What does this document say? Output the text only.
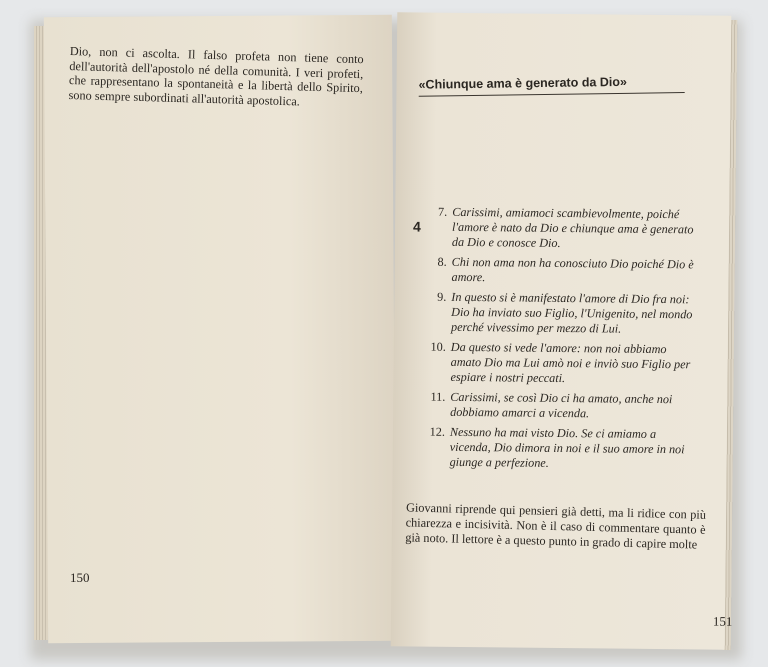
Dio, non ci ascolta. Il falso profeta non tiene conto dell'autorità dell'apostolo né della comunità. I veri profeti, che rappresentano la spontaneità e la libertà dello Spirito, sono sempre subordinati all'autorità apostolica.
150
«Chiunque ama è generato da Dio»
4
7. Carissimi, amiamoci scambievolmente, poiché l'amore è nato da Dio e chiunque ama è generato da Dio e conosce Dio.
8. Chi non ama non ha conosciuto Dio poiché Dio è amore.
9. In questo si è manifestato l'amore di Dio fra noi: Dio ha inviato suo Figlio, l'Unigenito, nel mondo perché vivessimo per mezzo di Lui.
10. Da questo si vede l'amore: non noi abbiamo amato Dio ma Lui amò noi e inviò suo Figlio per espiare i nostri peccati.
11. Carissimi, se così Dio ci ha amato, anche noi dobbiamo amarci a vicenda.
12. Nessuno ha mai visto Dio. Se ci amiamo a vicenda, Dio dimora in noi e il suo amore in noi giunge a perfezione.
Giovanni riprende qui pensieri già detti, ma li ridice con più chiarezza e incisività. Non è il caso di commentare quanto è già noto. Il lettore è a questo punto in grado di capire molte
151
